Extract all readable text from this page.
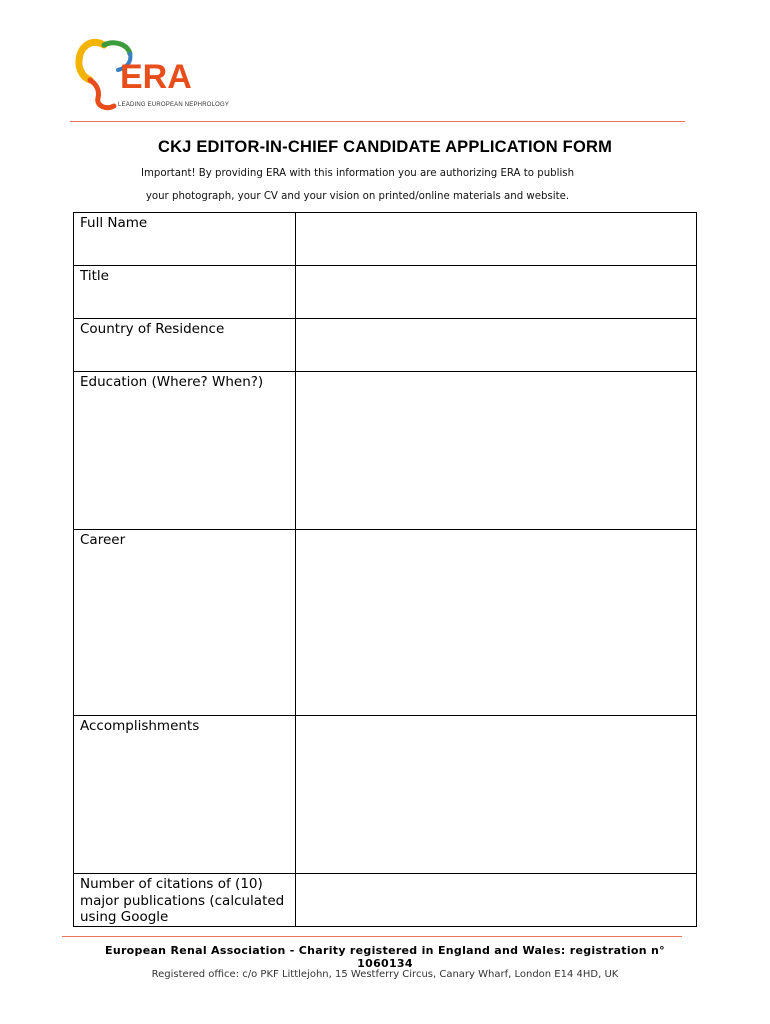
ERA
LEADING EUROPEAN NEPHROLOGY
CKJ EDITOR-IN-CHIEF CANDIDATE APPLICATION FORM
Important! By providing ERA with this information you are authorizing ERA to publish
your photograph, your CV and your vision on printed/online materials and website.
Full Name	

Title	

Country of Residence	

Education (Where? When?)	

Career	

Accomplishments	

Number of citations of (10) major publications (calculated using Google	
European Renal Association - Charity registered in England and Wales: registration n°
1060134
Registered office: c/o PKF Littlejohn, 15 Westferry Circus, Canary Wharf, London E14 4HD, UK
